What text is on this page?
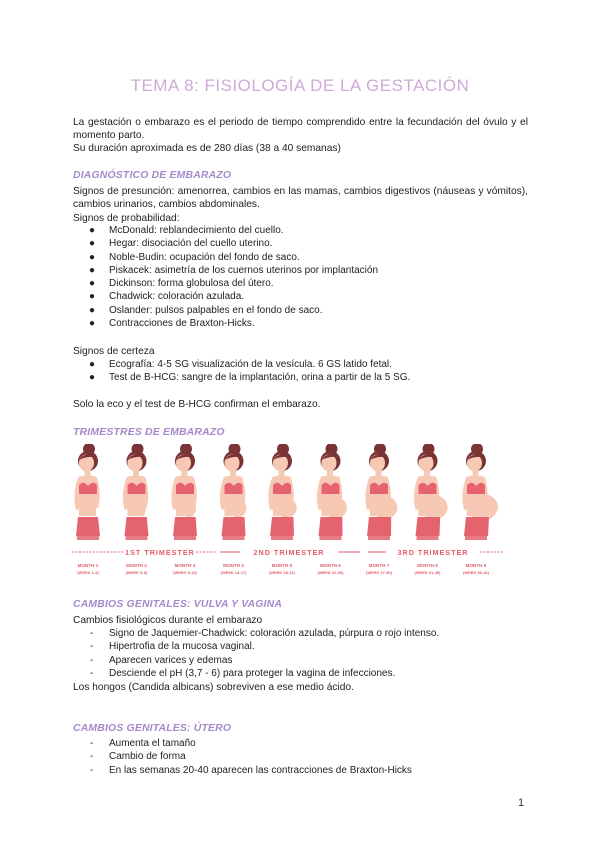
TEMA 8: FISIOLOGÍA DE LA GESTACIÓN
La gestación o embarazo es el periodo de tiempo comprendido entre la fecundación del óvulo y el momento parto.
Su duración aproximada es de 280 días (38 a 40 semanas)
DIAGNÓSTICO DE EMBARAZO
Signos de presunción: amenorrea, cambios en las mamas, cambios digestivos (náuseas y vómitos), cambios urinarios, cambios abdominales.
Signos de probabilidad:
● McDonald: reblandecimiento del cuello.
● Hegar: disociación del cuello uterino.
● Noble-Budin: ocupación del fondo de saco.
● Piskacek: asimetría de los cuernos uterinos por implantación
● Dickinson: forma globulosa del útero.
● Chadwick: coloración azulada.
● Oslander: pulsos palpables en el fondo de saco.
● Contracciones de Braxton-Hicks.
Signos de certeza
● Ecografía: 4-5 SG visualización de la vesícula. 6 GS latido fetal.
● Test de B-HCG: sangre de la implantación, orina a partir de la 5 SG.
Solo la eco y el test de B-HCG confirman el embarazo.
TRIMESTRES DE EMBARAZO
1ST TRIMESTER	2ND TRIMESTER	3RD TRIMESTER
MONTH 1
(WEEK 1-4)
MONTH 2
(WEEK 5-8)
MONTH 3
(WEEK 9-13)
MONTH 4
(WEEK 14-17)
MONTH 5
(WEEK 18-21)
MONTH 6
(WEEK 22-26)
MONTH 7
(WEEK 27-30)
MONTH 8
(WEEK 31-35)
MONTH 9
(WEEK 36-40)
CAMBIOS GENITALES: VULVA Y VAGINA
Cambios fisiológicos durante el embarazo
- Signo de Jaquemier-Chadwick: coloración azulada, púrpura o rojo intenso.
- Hipertrofia de la mucosa vaginal.
- Aparecen varices y edemas
- Desciende el pH (3,7 - 6) para proteger la vagina de infecciones.
Los hongos (Candida albicans) sobreviven a ese medio ácido.
CAMBIOS GENITALES: ÚTERO
- Aumenta el tamaño
- Cambio de forma
- En las semanas 20-40 aparecen las contracciones de Braxton-Hicks
1
